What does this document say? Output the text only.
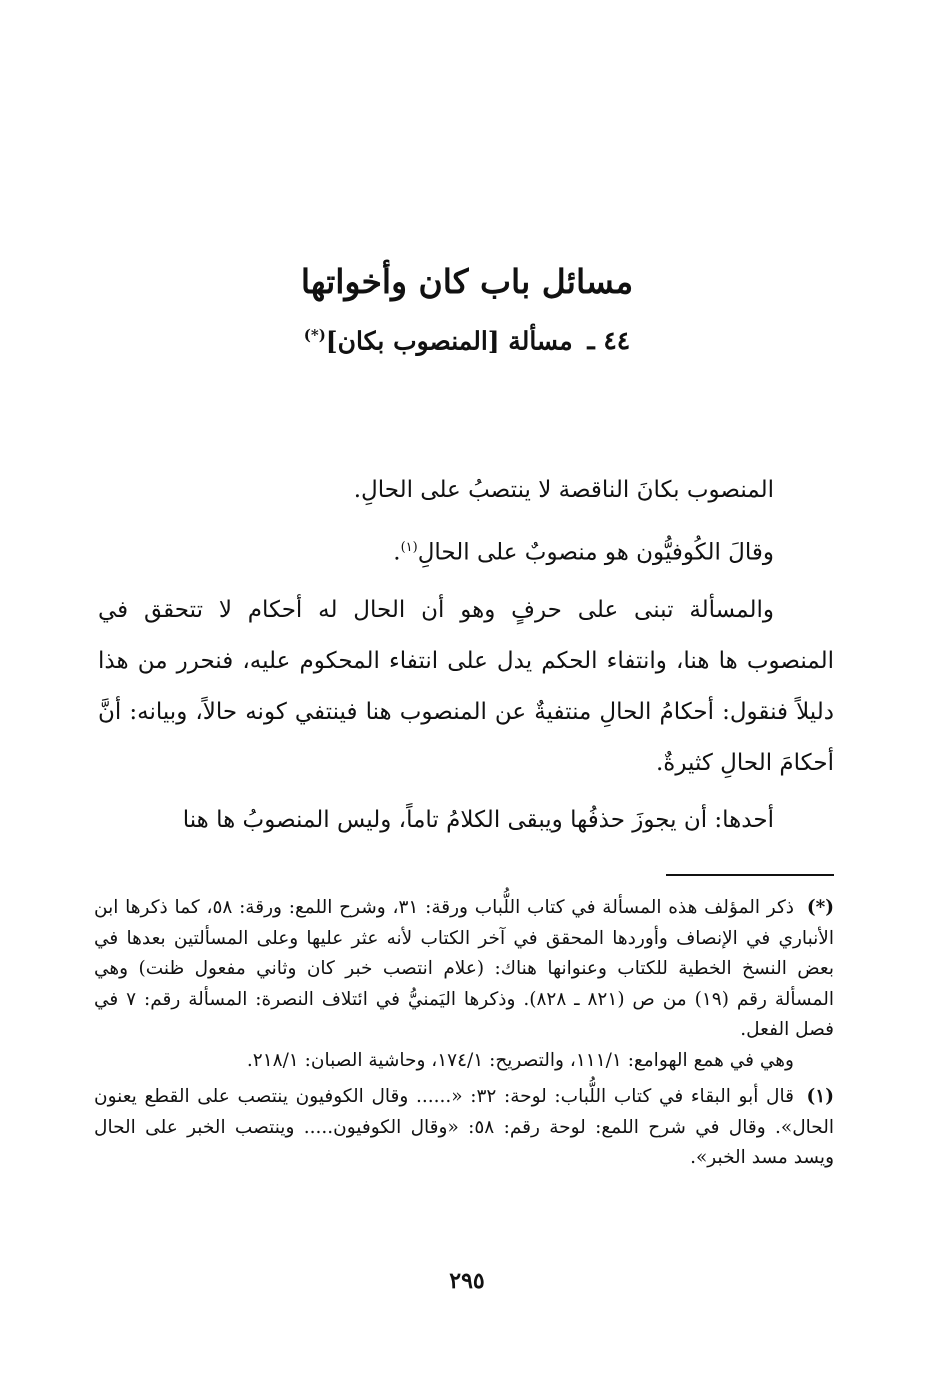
مسائل باب كان وأخواتها
٤٤ ـ مسألة [المنصوب بكان](*)

المنصوب بكانَ الناقصة لا ينتصبُ على الحالِ.

وقالَ الكُوفيُّون هو منصوبٌ على الحالِ$^{(١)}$.

والمسألة تبنى على حرفٍ وهو أن الحال له أحكام لا تتحقق في المنصوب ها هنا، وانتفاء الحكم يدل على انتفاء المحكوم عليه، فنحرر من هذا دليلاً فنقول: أحكامُ الحالِ منتفيةٌ عن المنصوب هنا فينتفي كونه حالاً، وبيانه: أنَّ أحكامَ الحالِ كثيرةٌ.

أحدها: أن يجوزَ حذفُها ويبقى الكلامُ تاماً، وليس المنصوبُ ها هنا

(*)ذكر المؤلف هذه المسألة في كتاب اللُّباب ورقة: ٣١، وشرح اللمع: ورقة: ٥٨، كما ذكرها ابن الأنباري في الإنصاف وأوردها المحقق في آخر الكتاب لأنه عثر عليها وعلى المسألتين بعدها في بعض النسخ الخطية للكتاب وعنوانها هناك: (علام انتصب خبر كان وثاني مفعول ظنت) وهي المسألة رقم (١٩) من ص (٨٢١ ـ ٨٢٨). وذكرها اليَمنيُّ في ائتلاف النصرة: المسألة رقم: ٧ في فصل الفعل.
وهي في همع الهوامع: ١١١/١، والتصريح: ١٧٤/١، وحاشية الصبان: ٢١٨/١.
(١)قال أبو البقاء في كتاب اللُّباب: لوحة: ٣٢: «...... وقال الكوفيون ينتصب على القطع يعنون الحال». وقال في شرح اللمع: لوحة رقم: ٥٨: «وقال الكوفيون..... وينتصب الخبر على الحال ويسد مسد الخبر».
٢٩٥
